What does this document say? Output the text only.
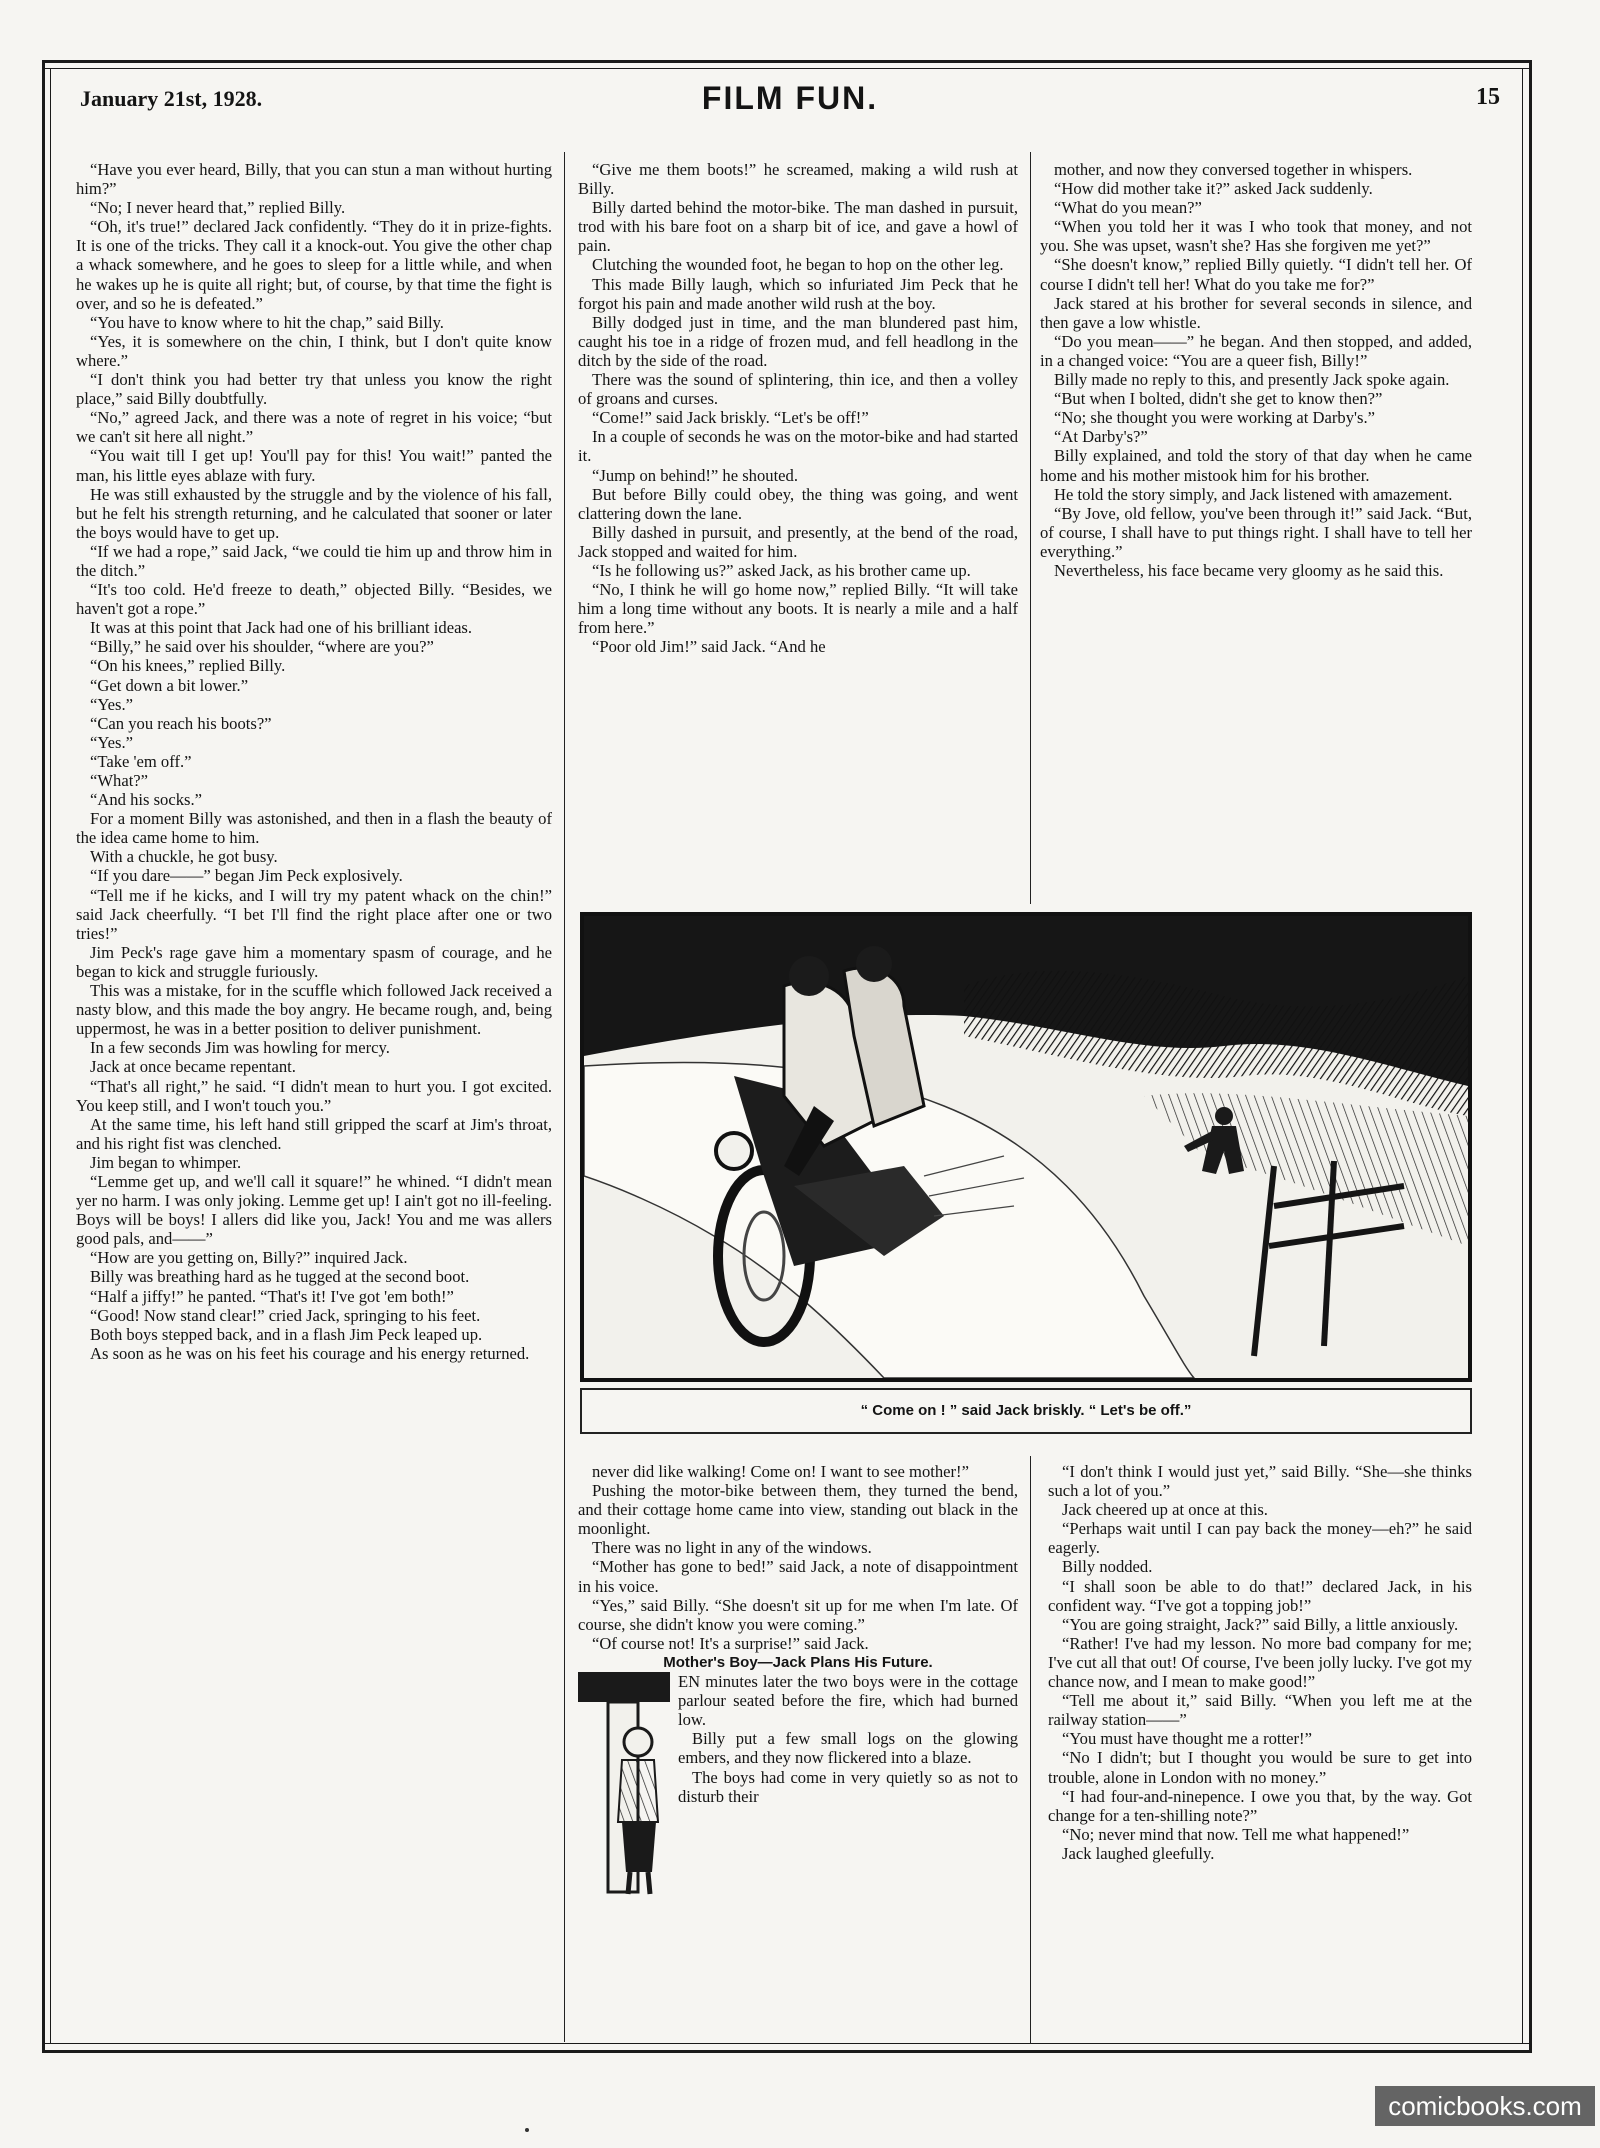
January 21st, 1928.	FILM FUN.	15

“Have you ever heard, Billy, that you can stun a man without hurting him?”

“No; I never heard that,” replied Billy.

“Oh, it's true!” declared Jack confidently. “They do it in prize-fights. It is one of the tricks. They call it a knock-out. You give the other chap a whack somewhere, and he goes to sleep for a little while, and when he wakes up he is quite all right; but, of course, by that time the fight is over, and so he is defeated.”

“You have to know where to hit the chap,” said Billy.

“Yes, it is somewhere on the chin, I think, but I don't quite know where.”

“I don't think you had better try that unless you know the right place,” said Billy doubtfully.

“No,” agreed Jack, and there was a note of regret in his voice; “but we can't sit here all night.”

“You wait till I get up! You'll pay for this! You wait!” panted the man, his little eyes ablaze with fury.

He was still exhausted by the struggle and by the violence of his fall, but he felt his strength returning, and he calculated that sooner or later the boys would have to get up.

“If we had a rope,” said Jack, “we could tie him up and throw him in the ditch.”

“It's too cold. He'd freeze to death,” objected Billy. “Besides, we haven't got a rope.”

It was at this point that Jack had one of his brilliant ideas.

“Billy,” he said over his shoulder, “where are you?”

“On his knees,” replied Billy.

“Get down a bit lower.”

“Yes.”

“Can you reach his boots?”

“Yes.”

“Take 'em off.”

“What?”

“And his socks.”

For a moment Billy was astonished, and then in a flash the beauty of the idea came home to him.

With a chuckle, he got busy.

“If you dare——” began Jim Peck explosively.

“Tell me if he kicks, and I will try my patent whack on the chin!” said Jack cheerfully. “I bet I'll find the right place after one or two tries!”

Jim Peck's rage gave him a momentary spasm of courage, and he began to kick and struggle furiously.

This was a mistake, for in the scuffle which followed Jack received a nasty blow, and this made the boy angry. He became rough, and, being uppermost, he was in a better position to deliver punishment.

In a few seconds Jim was howling for mercy.

Jack at once became repentant.

“That's all right,” he said. “I didn't mean to hurt you. I got excited. You keep still, and I won't touch you.”

At the same time, his left hand still gripped the scarf at Jim's throat, and his right fist was clenched.

Jim began to whimper.

“Lemme get up, and we'll call it square!” he whined. “I didn't mean yer no harm. I was only joking. Lemme get up! I ain't got no ill-feeling. Boys will be boys! I allers did like you, Jack! You and me was allers good pals, and——”

“How are you getting on, Billy?” inquired Jack.

Billy was breathing hard as he tugged at the second boot.

“Half a jiffy!” he panted. “That's it! I've got 'em both!”

“Good! Now stand clear!” cried Jack, springing to his feet.

Both boys stepped back, and in a flash Jim Peck leaped up.

As soon as he was on his feet his courage and his energy returned.

“Give me them boots!” he screamed, making a wild rush at Billy.

Billy darted behind the motor-bike. The man dashed in pursuit, trod with his bare foot on a sharp bit of ice, and gave a howl of pain.

Clutching the wounded foot, he began to hop on the other leg.

This made Billy laugh, which so infuriated Jim Peck that he forgot his pain and made another wild rush at the boy.

Billy dodged just in time, and the man blundered past him, caught his toe in a ridge of frozen mud, and fell headlong in the ditch by the side of the road.

There was the sound of splintering, thin ice, and then a volley of groans and curses.

“Come!” said Jack briskly. “Let's be off!”

In a couple of seconds he was on the motor-bike and had started it.

“Jump on behind!” he shouted.

But before Billy could obey, the thing was going, and went clattering down the lane.

Billy dashed in pursuit, and presently, at the bend of the road, Jack stopped and waited for him.

“Is he following us?” asked Jack, as his brother came up.

“No, I think he will go home now,” replied Billy. “It will take him a long time without any boots. It is nearly a mile and a half from here.”

“Poor old Jim!” said Jack. “And he

mother, and now they conversed together in whispers.

“How did mother take it?” asked Jack suddenly.

“What do you mean?”

“When you told her it was I who took that money, and not you. She was upset, wasn't she? Has she forgiven me yet?”

“She doesn't know,” replied Billy quietly. “I didn't tell her. Of course I didn't tell her! What do you take me for?”

Jack stared at his brother for several seconds in silence, and then gave a low whistle.

“Do you mean——” he began. And then stopped, and added, in a changed voice: “You are a queer fish, Billy!”

Billy made no reply to this, and presently Jack spoke again.

“But when I bolted, didn't she get to know then?”

“No; she thought you were working at Darby's.”

“At Darby's?”

Billy explained, and told the story of that day when he came home and his mother mistook him for his brother.

He told the story simply, and Jack listened with amazement.

“By Jove, old fellow, you've been through it!” said Jack. “But, of course, I shall have to put things right. I shall have to tell her everything.”

Nevertheless, his face became very gloomy as he said this.

“ Come on ! ” said Jack briskly. “ Let's be off.”

never did like walking! Come on! I want to see mother!”

Pushing the motor-bike between them, they turned the bend, and their cottage home came into view, standing out black in the moonlight.

There was no light in any of the windows.

“Mother has gone to bed!” said Jack, a note of disappointment in his voice.

“Yes,” said Billy. “She doesn't sit up for me when I'm late. Of course, she didn't know you were coming.”

“Of course not! It's a surprise!” said Jack.

Mother's Boy—Jack Plans His Future.

EN minutes later the two boys were in the cottage parlour seated before the fire, which had burned low.

Billy put a few small logs on the glowing embers, and they now flickered into a blaze.

The boys had come in very quietly so as not to disturb their

“I don't think I would just yet,” said Billy. “She—she thinks such a lot of you.”

Jack cheered up at once at this.

“Perhaps wait until I can pay back the money—eh?” he said eagerly.

Billy nodded.

“I shall soon be able to do that!” declared Jack, in his confident way. “I've got a topping job!”

“You are going straight, Jack?” said Billy, a little anxiously.

“Rather! I've had my lesson. No more bad company for me; I've cut all that out! Of course, I've been jolly lucky. I've got my chance now, and I mean to make good!”

“Tell me about it,” said Billy. “When you left me at the railway station——”

“You must have thought me a rotter!”

“No I didn't; but I thought you would be sure to get into trouble, alone in London with no money.”

“I had four-and-ninepence. I owe you that, by the way. Got change for a ten-shilling note?”

“No; never mind that now. Tell me what happened!”

Jack laughed gleefully.

comicbooks.com
